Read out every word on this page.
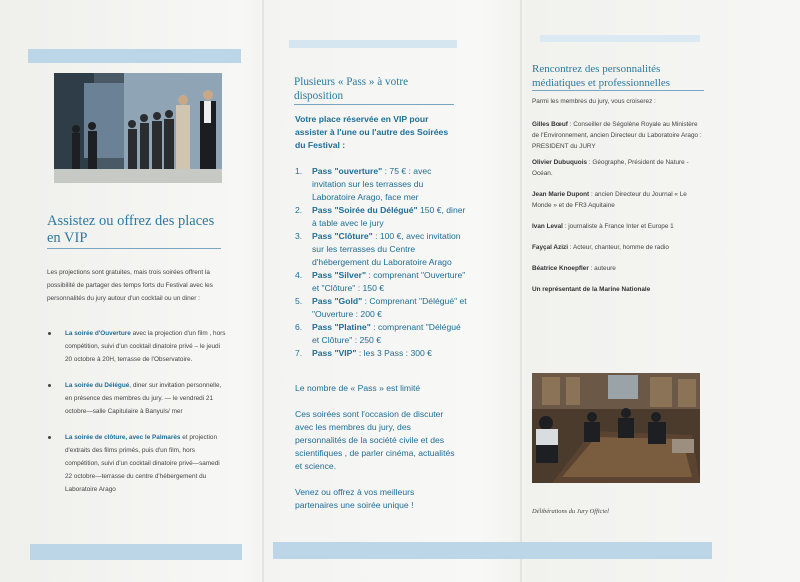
Assistez ou offrez des places en VIP
Les projections sont gratuites, mais trois soirées offrent la possibilité de partager des temps forts du Festival avec les personnalités du jury autour d'un cocktail ou un diner :
La soirée d'Ouverture avec la projection d'un film , hors compétition, suivi d'un cocktail dinatoire privé – le jeudi 20 octobre à 20H, terrasse de l'Observatoire.
La soirée du Délégué, diner sur invitation personnelle, en présence des membres du jury. — le vendredi 21 octobre—salle Capitulaire à Banyuls/ mer
La soirée de clôture, avec le Palmarès et projection d'extraits des films primés, puis d'un film, hors compétition, suivi d'un cocktail dinatoire privé—samedi 22 octobre—terrasse du centre d'hébergement du Laboratoire Arago
Plusieurs « Pass » à votre disposition
Votre place réservée en VIP pour assister à l'une ou l'autre des Soirées du Festival :
1. Pass "ouverture" : 75 € : avec invitation sur les terrasses du Laboratoire Arago, face mer
2. Pass "Soirée du Délégué" 150 €, diner à table avec le jury
3. Pass "Clôture" : 100 €, avec invitation sur les terrasses du Centre d'hébergement du Laboratoire Arago
4. Pass "Silver" : comprenant "Ouverture" et "Clôture" : 150 €
5. Pass "Gold" : Comprenant "Délégué" et "Ouverture : 200 €
6. Pass "Platine" : comprenant "Délégué et Clôture" : 250 €
7. Pass "VIP" : les 3 Pass : 300 €
Le nombre de « Pass » est limité
Ces soirées sont l'occasion de discuter avec les membres du jury, des personnalités de la société civile et des scientifiques , de parler cinéma, actualités et science.
Venez ou offrez à vos meilleurs partenaires une soirée unique !
Rencontrez des personnalités médiatiques et professionnelles
Parmi les membres du jury, vous croiserez :
Gilles Bœuf : Conseiller de Ségolène Royale au Ministère de l'Environnement, ancien Directeur du Laboratoire Arago : PRESIDENT du JURY
Olivier Dubuquois : Géographe, Président de Nature -Océan.
Jean Marie Dupont : ancien Directeur du Journal « Le Monde » et de FR3 Aquitaine
Ivan Levaï : journaliste à France Inter et Europe 1
Fayçal Azizi : Acteur, chanteur, homme de radio
Béatrice Knoepfler : auteure
Un représentant de la Marine Nationale
Délibérations du Jury Officiel
